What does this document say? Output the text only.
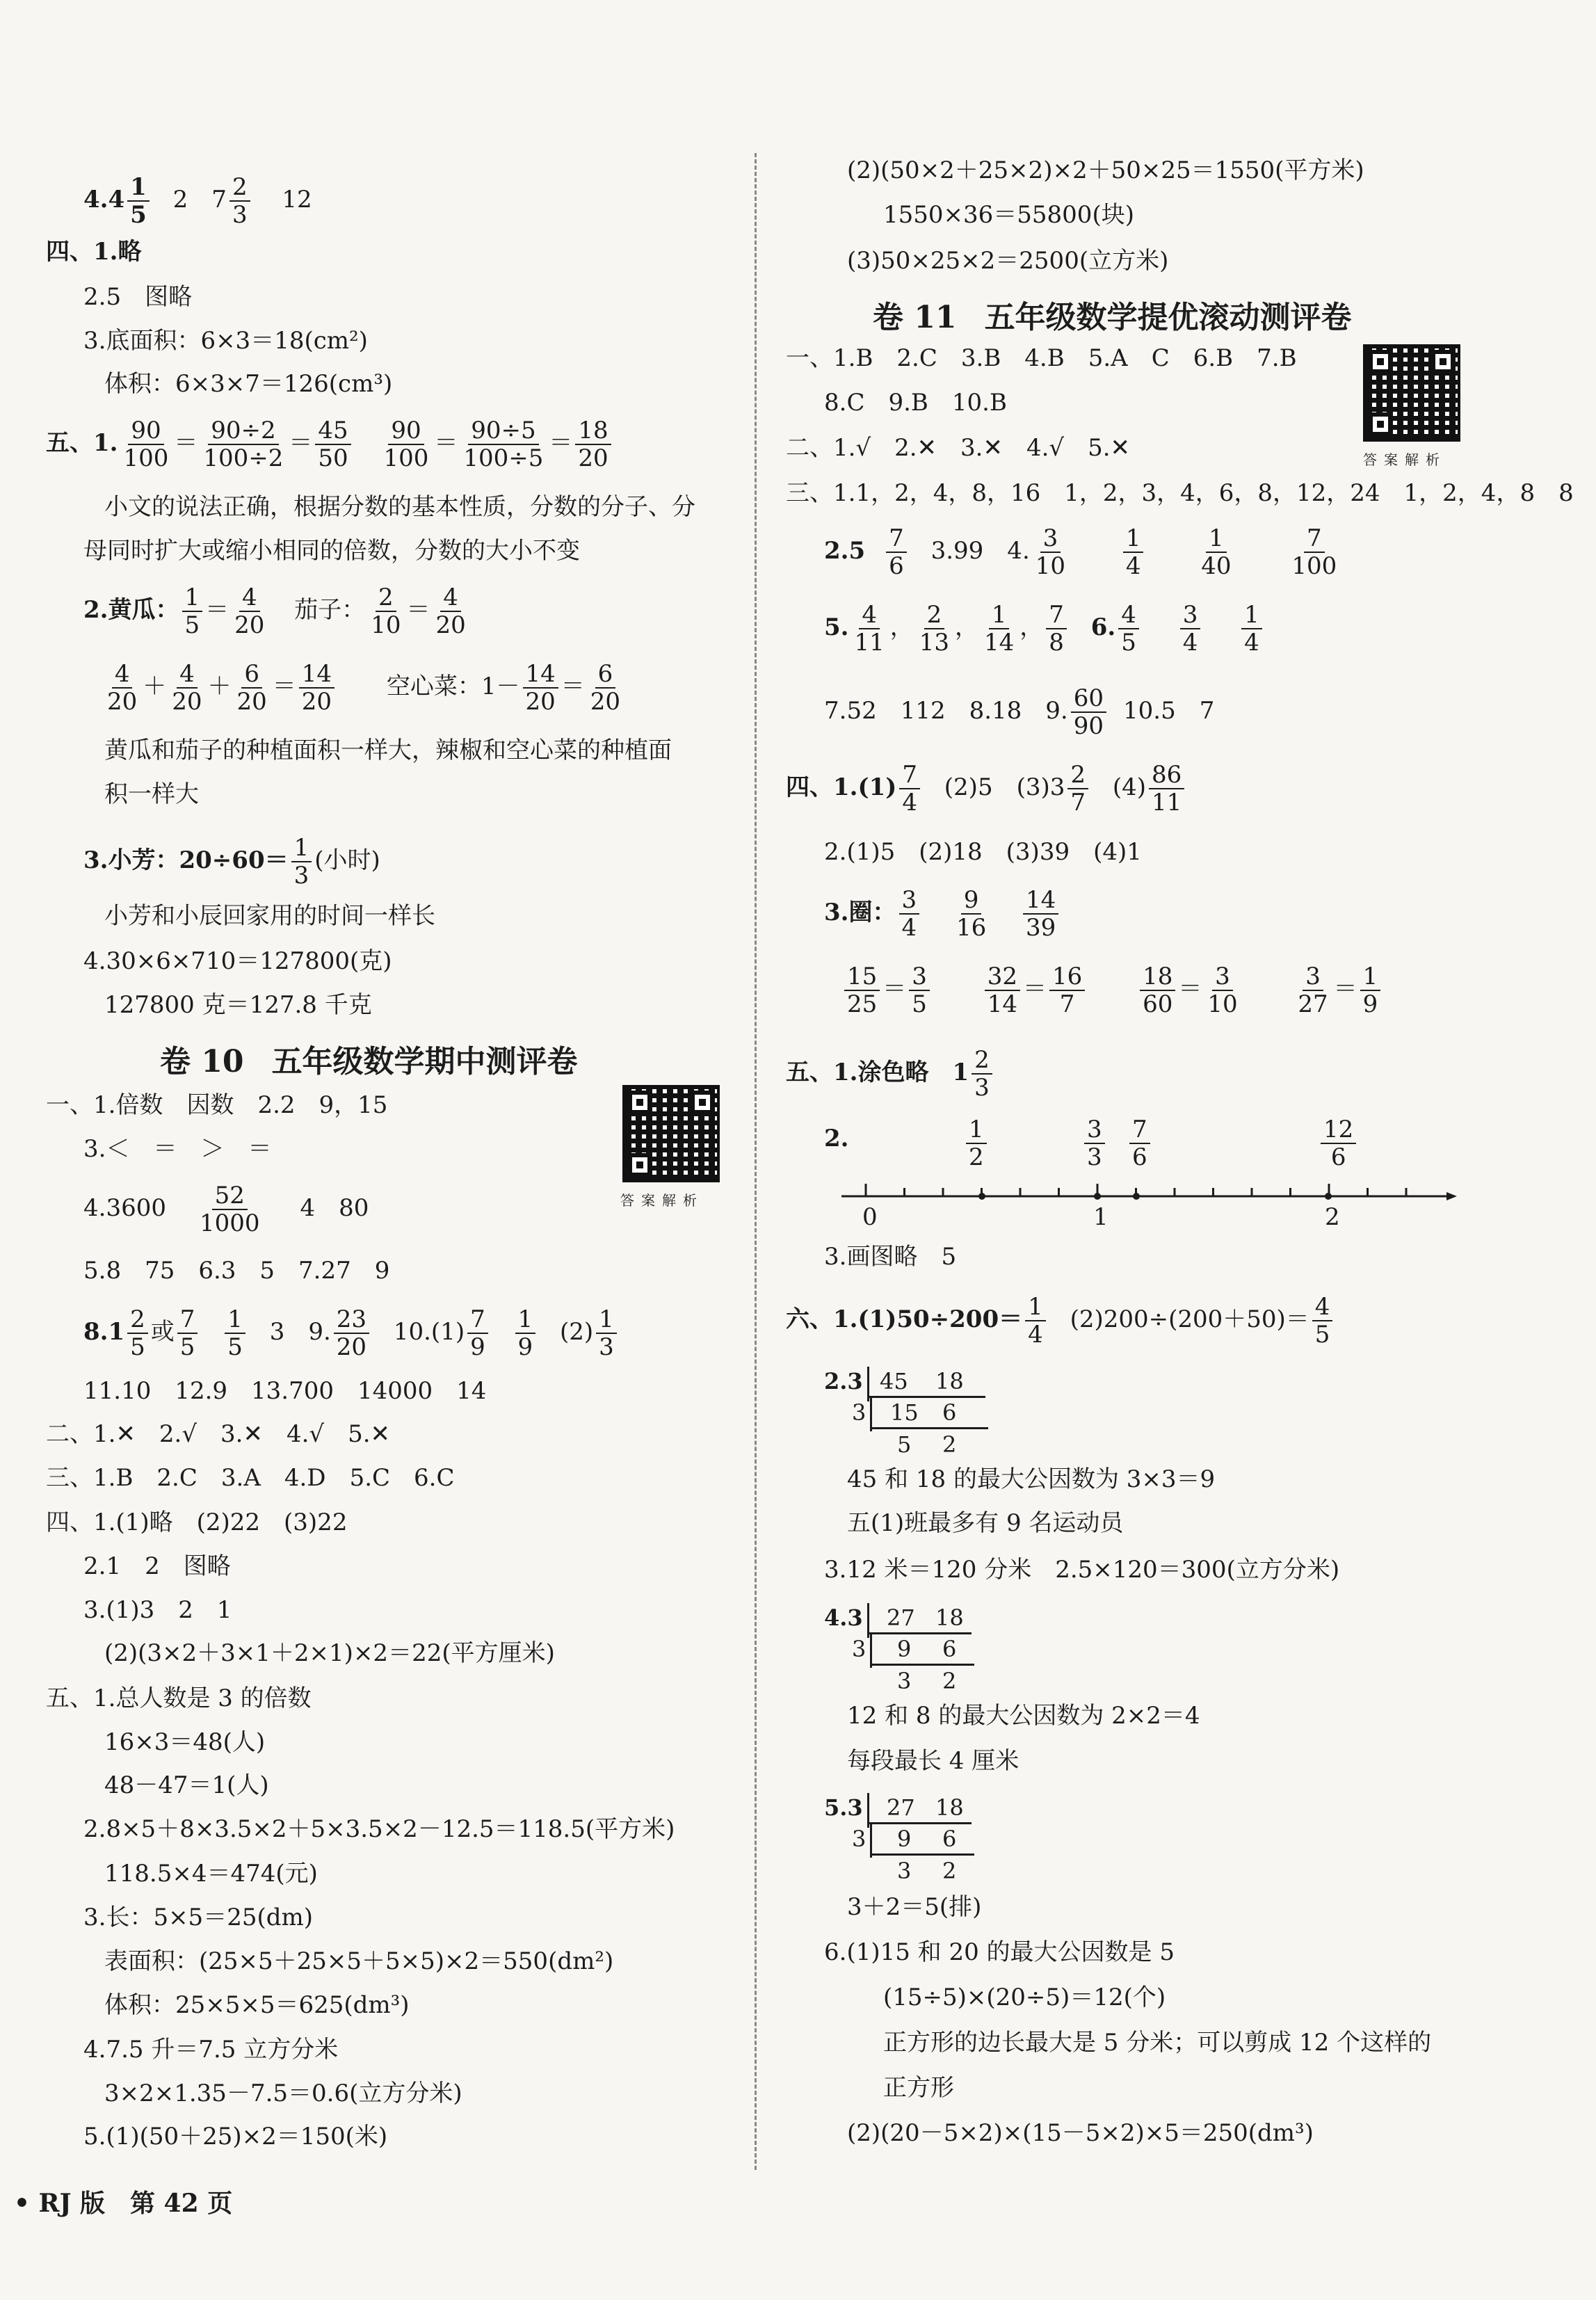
$4.4 \frac{1}{5} 2$　$7 \frac{2}{3} 12$
四、1.略
2.5　图略
3.底面积：6×3＝18(cm²)
体积：6×3×7＝126(cm³)
五、1. $\frac{90}{100} = \frac{90\div 2}{100\div 2} = \frac{45}{50}$
$\frac{90}{100} = \frac{90\div 5}{100\div 5} = \frac{18}{20}$
小文的说法正确，根据分数的基本性质，分数的分子、分
母同时扩大或缩小相同的倍数，分数的大小不变
2.黄瓜： $\frac{1}{5} = \frac{4}{20}$ 茄子： $\frac{2}{10} = \frac{4}{20}$
$\frac{4}{20} + \frac{4}{20} + \frac{6}{20} = \frac{14}{20}$ 空心菜：$1- \frac{14}{20} = \frac{6}{20}$
黄瓜和茄子的种植面积一样大，辣椒和空心菜的种植面
积一样大
3.小芳：$20\div 60= \frac{1}{3}$ (小时)
小芳和小辰回家用的时间一样长
4.30×6×710＝127800(克)
127800 克＝127.8 千克
卷 10 五年级数学期中测评卷
答案解析
一、1.倍数　因数　2.2　9，15
3.＜　＝　＞　＝
$4.3600 \frac{52}{1000} 4$　80
5.8　75　6.3　5　7.27　9
$8.1 \frac{2}{5}$ 或 $\frac{7}{5}$
$\frac{1}{5} 3$　9. $\frac{23}{20} 10.(1) \frac{7}{9}$
$\frac{1}{9} (2) \frac{1}{3}$
11.10　12.9　13.700　14000　14
二、1.✕　2.√　3.✕　4.√　5.✕
三、1.B　2.C　3.A　4.D　5.C　6.C
四、1.(1)略　(2)22　(3)22
2.1　2　图略
3.(1)3　2　1
(2)(3×2＋3×1＋2×1)×2＝22(平方厘米)
五、1.总人数是 3 的倍数
16×3＝48(人)
48－47＝1(人)
2.8×5＋8×3.5×2＋5×3.5×2－12.5＝118.5(平方米)
118.5×4＝474(元)
3.长：5×5＝25(dm)
表面积：(25×5＋25×5＋5×5)×2＝550(dm²)
体积：25×5×5＝625(dm³)
4.7.5 升＝7.5 立方分米
3×2×1.35－7.5＝0.6(立方分米)
5.(1)(50＋25)×2＝150(米)
• RJ 版　第 42 页
(2)(50×2＋25×2)×2＋50×25＝1550(平方米)
1550×36＝55800(块)
(3)50×25×2＝2500(立方米)
卷 11 五年级数学提优滚动测评卷
答案解析
一、1.B　2.C　3.B　4.B　5.A　C　6.B　7.B
8.C　9.B　10.B
二、1.√　2.✕　3.✕　4.√　5.✕
三、1.1，2，4，8，16　1，2，3，4，6，8，12，24　1，2，4，8　8
$2.5 \frac{7}{6} 3.99$　4. $\frac{3}{10}$
$\frac{1}{4}$
$\frac{1}{40}$
$\frac{7}{100}$
5. $\frac{4}{11}$ ， $\frac{2}{13}$ ， $\frac{1}{14}$ ， $\frac{7}{8} 6$. $\frac{4}{5}$
$\frac{3}{4}$
$\frac{1}{4}$
7.52　112　8.18　9. $\frac{60}{90} 10.5$　7
四、$1.(1) \frac{7}{4} (2)5$　$(3)3 \frac{2}{7} (4) \frac{86}{11}$
2.(1)5　(2)18　(3)39　(4)1
3.圈： $\frac{3}{4}$
$\frac{9}{16}$
$\frac{14}{39}$
$\frac{15}{25} = \frac{3}{5}$
$\frac{32}{14} = \frac{16}{7}$
$\frac{18}{60} = \frac{3}{10}$
$\frac{3}{27} = \frac{1}{9}$
五、1.涂色略　$1 \frac{2}{3}$
2.	$\frac{1}{2}$	$\frac{3}{3} \frac{7}{6}$	$\frac{12}{6}$
0	1	2
3.画图略　5
六、$1.(1)50\div 200= \frac{1}{4} (2)200\div(200+50)= \frac{4}{5}$
2.3 45 18
3 15 6
5 2
45 和 18 的最大公因数为 3×3＝9
五(1)班最多有 9 名运动员
3.12 米＝120 分米　2.5×120＝300(立方分米)
4.3 27 18
3 9 6
3 2
12 和 8 的最大公因数为 2×2＝4
每段最长 4 厘米
5.3 27 18
3 9 6
3 2
3＋2＝5(排)
6.(1)15 和 20 的最大公因数是 5
(15÷5)×(20÷5)＝12(个)
正方形的边长最大是 5 分米；可以剪成 12 个这样的
正方形
(2)(20－5×2)×(15－5×2)×5＝250(dm³)
